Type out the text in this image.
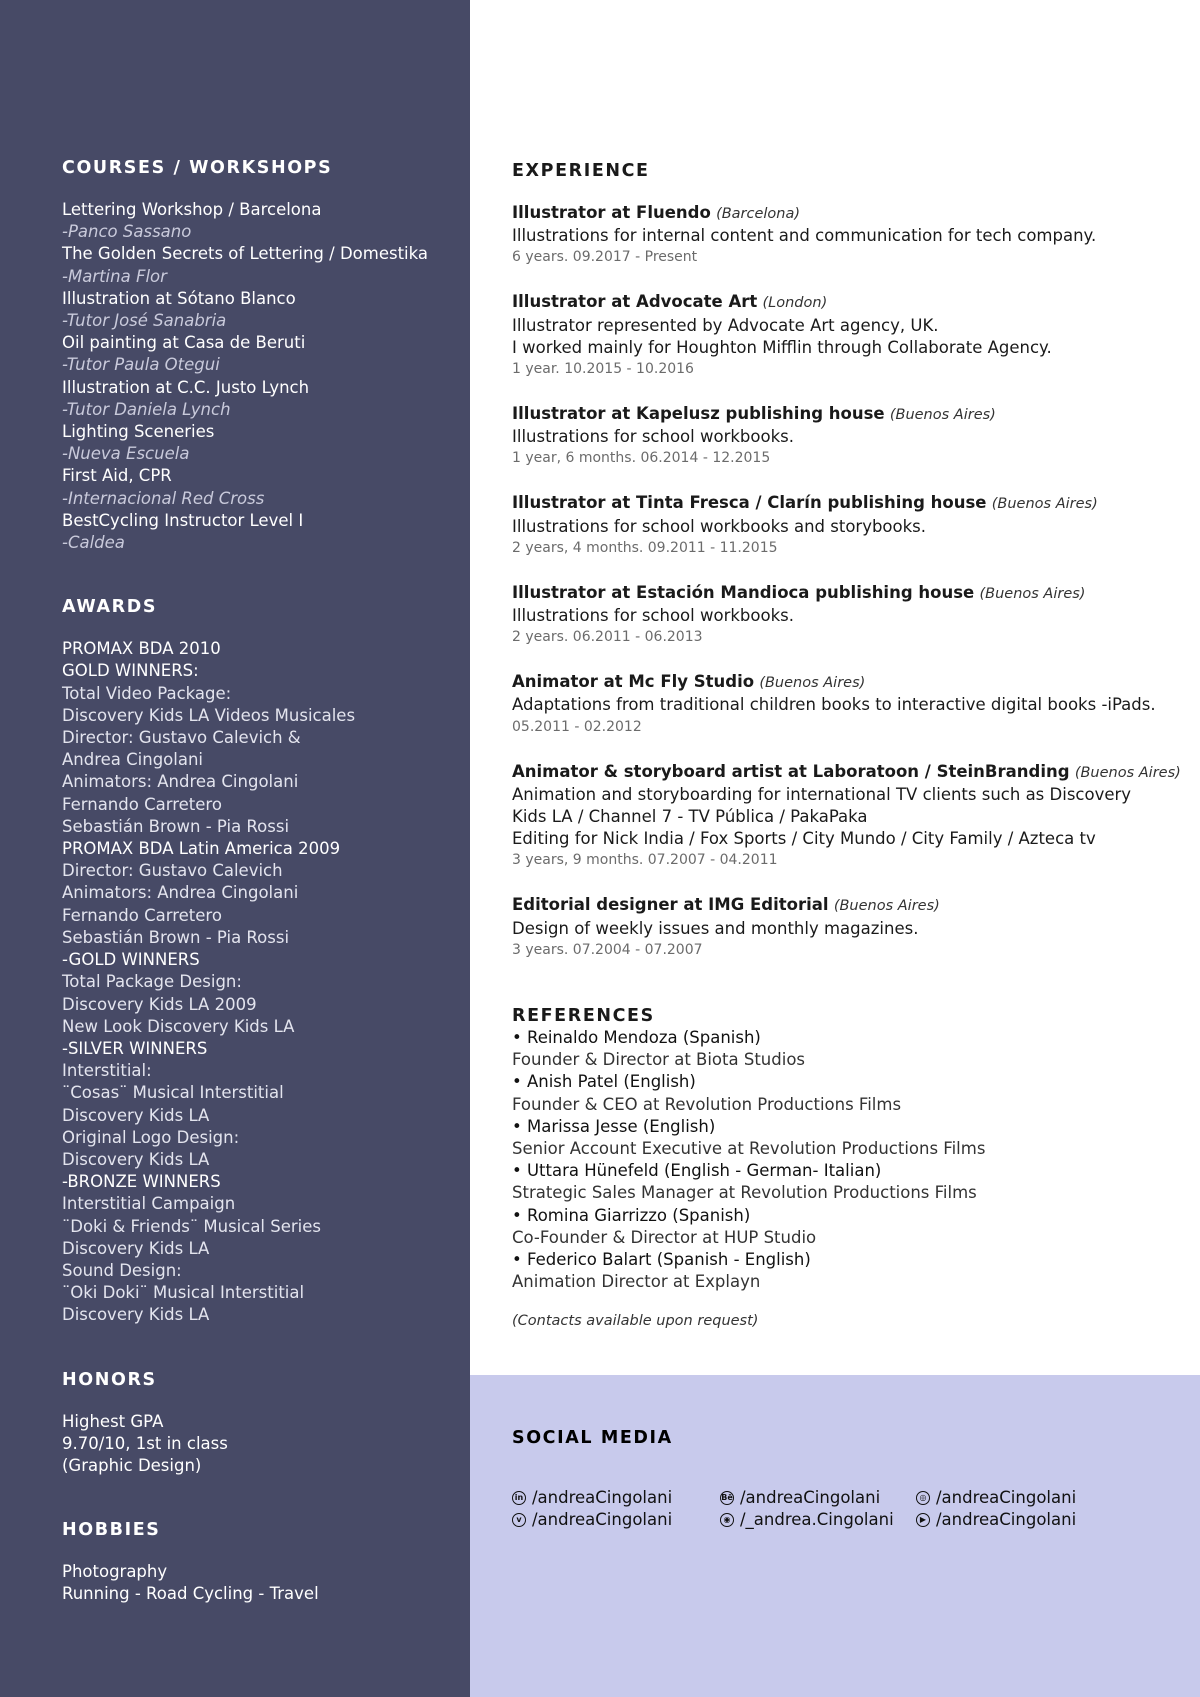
COURSES / WORKSHOPS
Lettering Workshop / Barcelona
-Panco Sassano
The Golden Secrets of Lettering / Domestika
-Martina Flor
Illustration at Sótano Blanco
-Tutor José Sanabria
Oil painting at Casa de Beruti
-Tutor Paula Otegui
Illustration at C.C. Justo Lynch
-Tutor Daniela Lynch
Lighting Sceneries
-Nueva Escuela
First Aid, CPR
-Internacional Red Cross
BestCycling Instructor Level I
-Caldea
AWARDS
PROMAX BDA 2010
GOLD WINNERS:
Total Video Package:
Discovery Kids LA Videos Musicales
Director: Gustavo Calevich &
Andrea Cingolani
Animators: Andrea Cingolani
Fernando Carretero
Sebastián Brown - Pia Rossi
PROMAX BDA Latin America 2009
Director: Gustavo Calevich
Animators: Andrea Cingolani
Fernando Carretero
Sebastián Brown - Pia Rossi
-GOLD WINNERS
Total Package Design:
Discovery Kids LA 2009
New Look Discovery Kids LA
-SILVER WINNERS
Interstitial:
¨Cosas¨ Musical Interstitial
Discovery Kids LA
Original Logo Design:
Discovery Kids LA
-BRONZE WINNERS
Interstitial Campaign
¨Doki & Friends¨ Musical Series
Discovery Kids LA
Sound Design:
¨Oki Doki¨ Musical Interstitial
Discovery Kids LA
HONORS
Highest GPA
9.70/10, 1st in class
(Graphic Design)
HOBBIES
Photography
Running - Road Cycling - Travel
EXPERIENCE
Illustrator at Fluendo (Barcelona)
Illustrations for internal content and communication for tech company.
6 years. 09.2017 - Present
Illustrator at Advocate Art (London)
Illustrator represented by Advocate Art agency, UK.
I worked mainly for Houghton Mifflin through Collaborate Agency.
1 year. 10.2015 - 10.2016
Illustrator at Kapelusz publishing house (Buenos Aires)
Illustrations for school workbooks.
1 year, 6 months. 06.2014 - 12.2015
Illustrator at Tinta Fresca / Clarín publishing house (Buenos Aires)
Illustrations for school workbooks and storybooks.
2 years, 4 months. 09.2011 - 11.2015
Illustrator at Estación Mandioca publishing house (Buenos Aires)
Illustrations for school workbooks.
2 years. 06.2011 - 06.2013
Animator at Mc Fly Studio (Buenos Aires)
Adaptations from traditional children books to interactive digital books -iPads.
05.2011 - 02.2012
Animator & storyboard artist at Laboratoon / SteinBranding (Buenos Aires)
Animation and storyboarding for international TV clients such as Discovery
Kids LA / Channel 7 - TV Pública / PakaPaka
Editing for Nick India / Fox Sports / City Mundo / City Family / Azteca tv
3 years, 9 months. 07.2007 - 04.2011
Editorial designer at IMG Editorial (Buenos Aires)
Design of weekly issues and monthly magazines.
3 years. 07.2004 - 07.2007
REFERENCES
• Reinaldo Mendoza (Spanish)
Founder & Director at Biota Studios
• Anish Patel (English)
Founder & CEO at Revolution Productions Films
• Marissa Jesse (English)
Senior Account Executive at Revolution Productions Films
• Uttara Hünefeld (English - German- Italian)
Strategic Sales Manager at Revolution Productions Films
• Romina Giarrizzo (Spanish)
Co-Founder & Director at HUP Studio
• Federico Balart (Spanish - English)
Animation Director at Explayn
(Contacts available upon request)
SOCIAL MEDIA
in /andreaCingolani	Bē /andreaCingolani	◎ /andreaCingolani
v /andreaCingolani	◉ /_andrea.Cingolani	▶ /andreaCingolani
